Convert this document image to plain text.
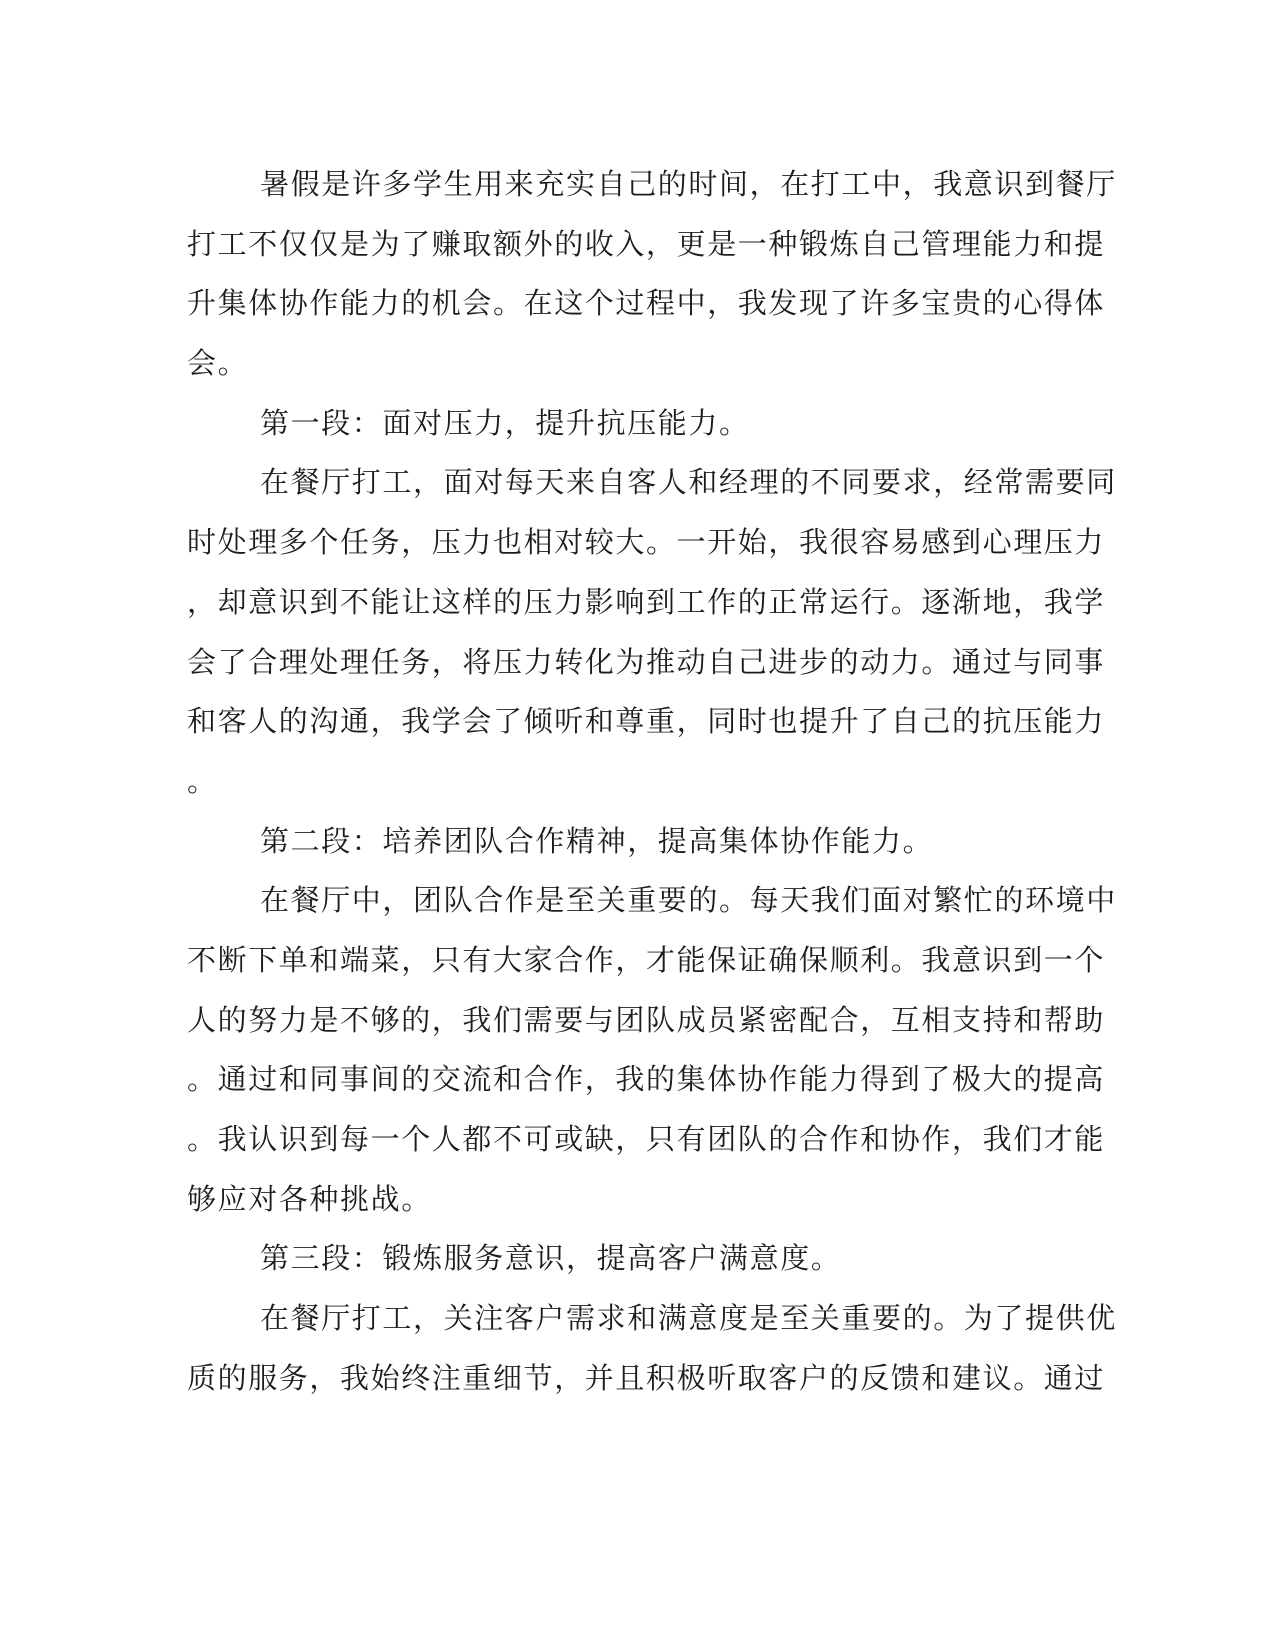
暑假是许多学生用来充实自己的时间，在打工中，我意识到餐厅
打工不仅仅是为了赚取额外的收入，更是一种锻炼自己管理能力和提
升集体协作能力的机会。在这个过程中，我发现了许多宝贵的心得体
会。
第一段：面对压力，提升抗压能力。
在餐厅打工，面对每天来自客人和经理的不同要求，经常需要同
时处理多个任务，压力也相对较大。一开始，我很容易感到心理压力
，却意识到不能让这样的压力影响到工作的正常运行。逐渐地，我学
会了合理处理任务，将压力转化为推动自己进步的动力。通过与同事
和客人的沟通，我学会了倾听和尊重，同时也提升了自己的抗压能力
。
第二段：培养团队合作精神，提高集体协作能力。
在餐厅中，团队合作是至关重要的。每天我们面对繁忙的环境中
不断下单和端菜，只有大家合作，才能保证确保顺利。我意识到一个
人的努力是不够的，我们需要与团队成员紧密配合，互相支持和帮助
。通过和同事间的交流和合作，我的集体协作能力得到了极大的提高
。我认识到每一个人都不可或缺，只有团队的合作和协作，我们才能
够应对各种挑战。
第三段：锻炼服务意识，提高客户满意度。
在餐厅打工，关注客户需求和满意度是至关重要的。为了提供优
质的服务，我始终注重细节，并且积极听取客户的反馈和建议。通过
